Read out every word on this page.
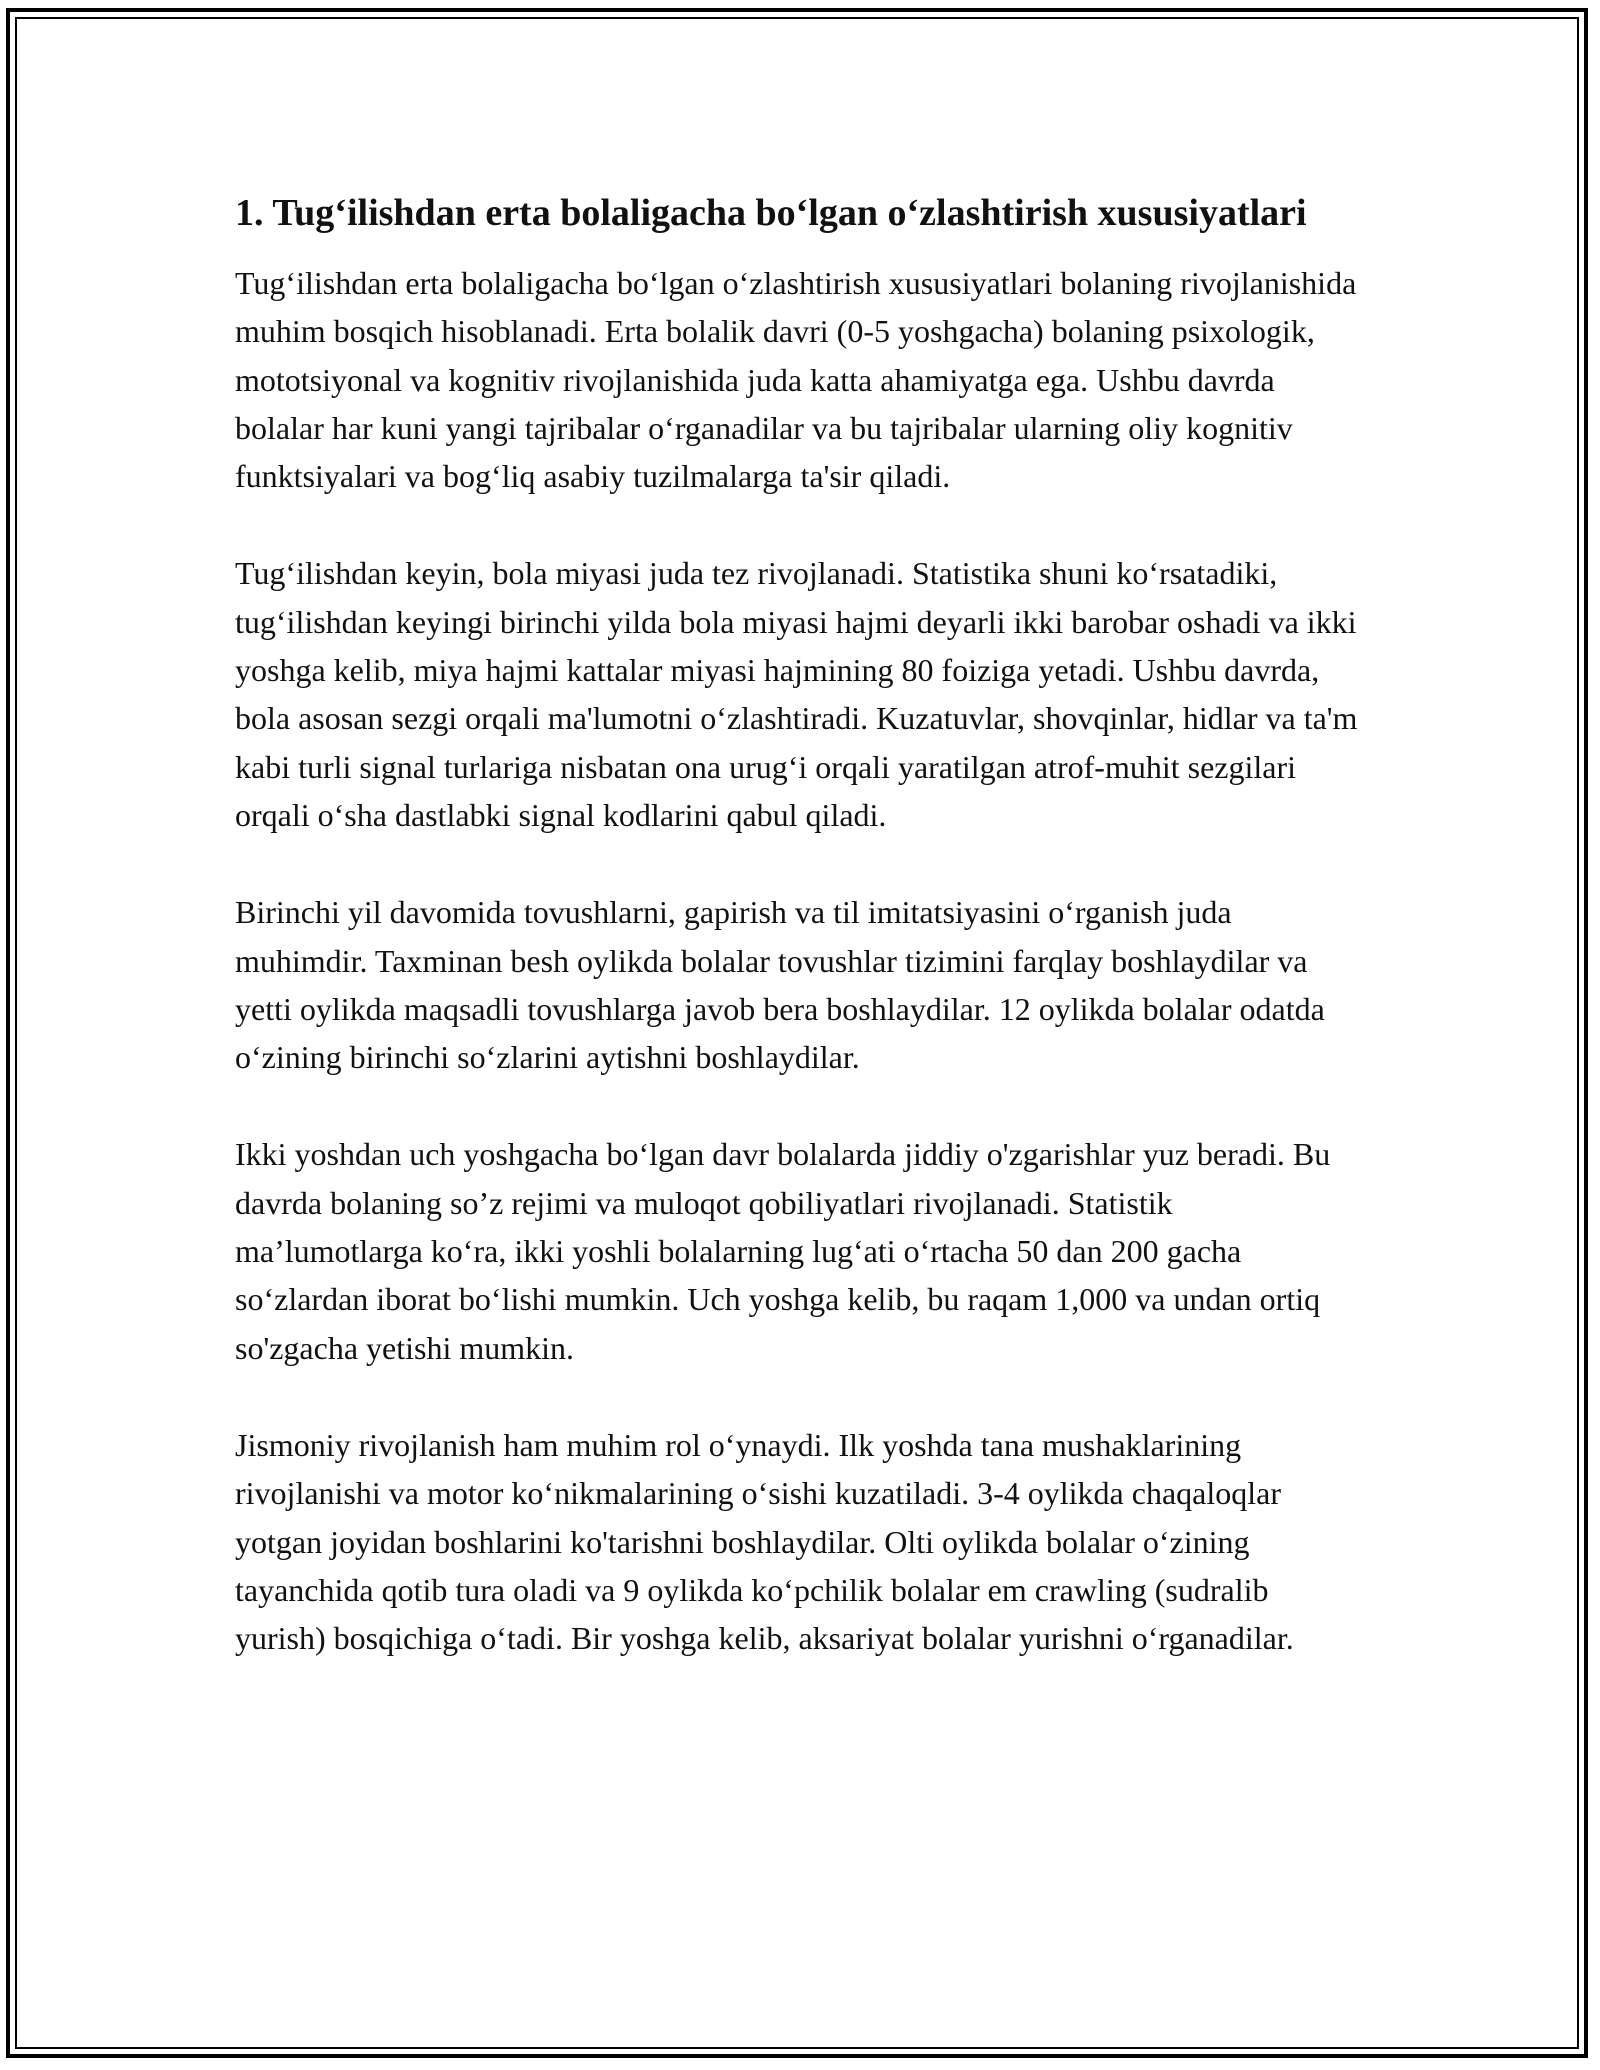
1. Tug‘ilishdan erta bolaligacha bo‘lgan o‘zlashtirish xususiyatlari

Tug‘ilishdan erta bolaligacha bo‘lgan o‘zlashtirish xususiyatlari bolaning rivojlanishida muhim bosqich hisoblanadi. Erta bolalik davri (0-5 yoshgacha) bolaning psixologik, mototsiyonal va kognitiv rivojlanishida juda katta ahamiyatga ega. Ushbu davrda bolalar har kuni yangi tajribalar o‘rganadilar va bu tajribalar ularning oliy kognitiv funktsiyalari va bog‘liq asabiy tuzilmalarga ta'sir qiladi.

Tug‘ilishdan keyin, bola miyasi juda tez rivojlanadi. Statistika shuni ko‘rsatadiki, tug‘ilishdan keyingi birinchi yilda bola miyasi hajmi deyarli ikki barobar oshadi va ikki yoshga kelib, miya hajmi kattalar miyasi hajmining 80 foiziga yetadi. Ushbu davrda, bola asosan sezgi orqali ma'lumotni o‘zlashtiradi. Kuzatuvlar, shovqinlar, hidlar va ta'm kabi turli signal turlariga nisbatan ona urug‘i orqali yaratilgan atrof-muhit sezgilari orqali o‘sha dastlabki signal kodlarini qabul qiladi.

Birinchi yil davomida tovushlarni, gapirish va til imitatsiyasini o‘rganish juda muhimdir. Taxminan besh oylikda bolalar tovushlar tizimini farqlay boshlaydilar va yetti oylikda maqsadli tovushlarga javob bera boshlaydilar. 12 oylikda bolalar odatda o‘zining birinchi so‘zlarini aytishni boshlaydilar.

Ikki yoshdan uch yoshgacha bo‘lgan davr bolalarda jiddiy o'zgarishlar yuz beradi. Bu davrda bolaning so’z rejimi va muloqot qobiliyatlari rivojlanadi. Statistik ma’lumotlarga ko‘ra, ikki yoshli bolalarning lug‘ati o‘rtacha 50 dan 200 gacha so‘zlardan iborat bo‘lishi mumkin. Uch yoshga kelib, bu raqam 1,000 va undan ortiq so'zgacha yetishi mumkin.

Jismoniy rivojlanish ham muhim rol o‘ynaydi. Ilk yoshda tana mushaklarining rivojlanishi va motor ko‘nikmalarining o‘sishi kuzatiladi. 3-4 oylikda chaqaloqlar yotgan joyidan boshlarini ko'tarishni boshlaydilar. Olti oylikda bolalar o‘zining tayanchida qotib tura oladi va 9 oylikda ko‘pchilik bolalar em crawling (sudralib yurish) bosqichiga o‘tadi. Bir yoshga kelib, aksariyat bolalar yurishni o‘rganadilar.
